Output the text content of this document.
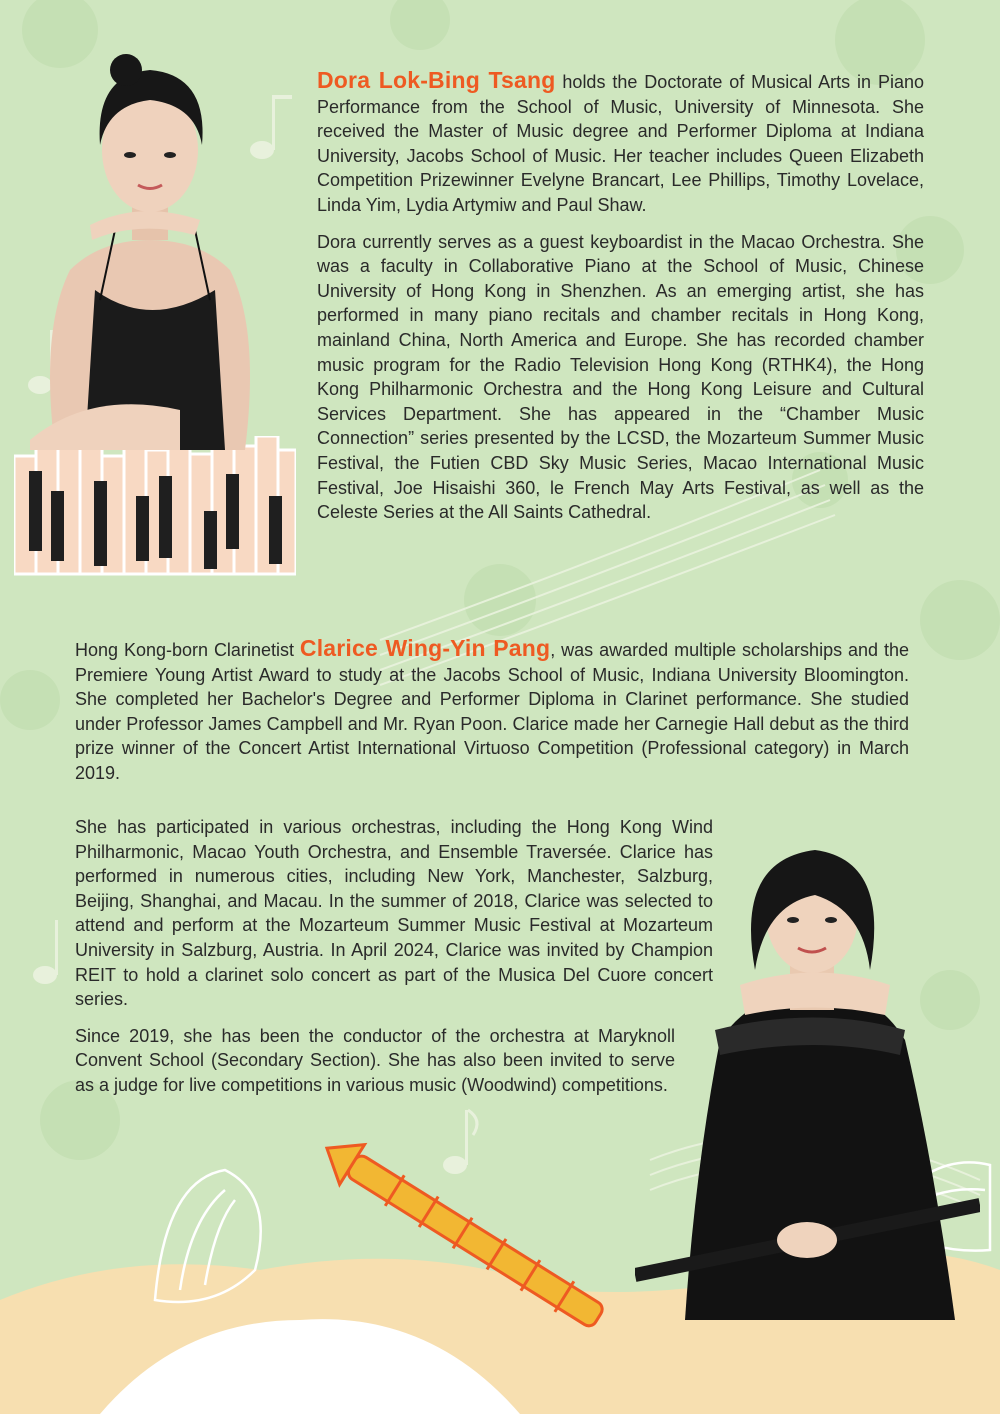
Dora Lok-Bing Tsang holds the Doctorate of Musical Arts in Piano Performance from the School of Music, University of Minnesota. She received the Master of Music degree and Performer Diploma at Indiana University, Jacobs School of Music. Her teacher includes Queen Elizabeth Competition Prizewinner Evelyne Brancart, Lee Phillips, Timothy Lovelace, Linda Yim, Lydia Artymiw and Paul Shaw.

Dora currently serves as a guest keyboardist in the Macao Orchestra. She was a faculty in Collaborative Piano at the School of Music, Chinese University of Hong Kong in Shenzhen. As an emerging artist, she has performed in many piano recitals and chamber recitals in Hong Kong, mainland China, North America and Europe. She has recorded chamber music program for the Radio Television Hong Kong (RTHK4), the Hong Kong Philharmonic Orchestra and the Hong Kong Leisure and Cultural Services Department. She has appeared in the “Chamber Music Connection” series presented by the LCSD, the Mozarteum Summer Music Festival, the Futien CBD Sky Music Series, Macao International Music Festival, Joe Hisaishi 360, le French May Arts Festival, as well as the Celeste Series at the All Saints Cathedral.

Hong Kong-born Clarinetist Clarice Wing-Yin Pang, was awarded multiple scholarships and the Premiere Young Artist Award to study at the Jacobs School of Music, Indiana University Bloomington. She completed her Bachelor's Degree and Performer Diploma in Clarinet performance. She studied under Professor James Campbell and Mr. Ryan Poon. Clarice made her Carnegie Hall debut as the third prize winner of the Concert Artist International Virtuoso Competition (Professional category) in March 2019.

She has participated in various orchestras, including the Hong Kong Wind Philharmonic, Macao Youth Orchestra, and Ensemble Traversée. Clarice has performed in numerous cities, including New York, Manchester, Salzburg, Beijing, Shanghai, and Macau. In the summer of 2018, Clarice was selected to attend and perform at the Mozarteum Summer Music Festival at Mozarteum University in Salzburg, Austria. In April 2024, Clarice was invited by Champion REIT to hold a clarinet solo concert as part of the Musica Del Cuore concert series.

Since 2019, she has been the conductor of the orchestra at Maryknoll Convent School (Secondary Section). She has also been invited to serve as a judge for live competitions in various music (Woodwind) competitions.
